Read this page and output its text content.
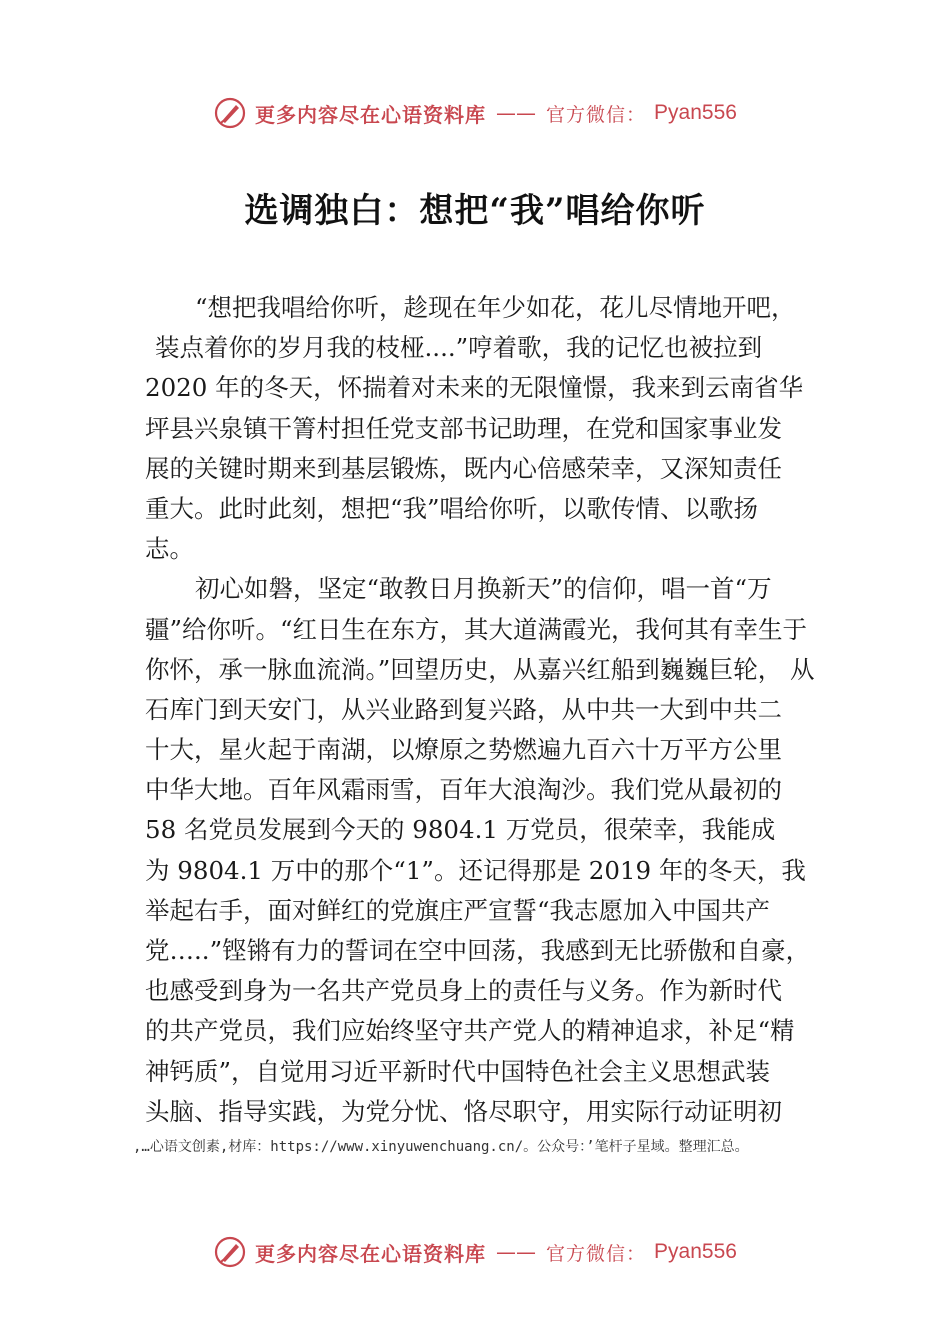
更多内容尽在心语资料库 —— 官方微信： Pyan556
选调独白：想把“我”唱给你听
“想把我唱给你听，趁现在年少如花，花儿尽情地开吧，
装点着你的岁月我的枝桠....”哼着歌，我的记忆也被拉到
2020 年的冬天，怀揣着对未来的无限憧憬，我来到云南省华
坪县兴泉镇干箐村担任党支部书记助理，在党和国家事业发
展的关键时期来到基层锻炼，既内心倍感荣幸，又深知责任
重大。此时此刻，想把“我”唱给你听，以歌传情、以歌扬
志。
初心如磐，坚定“敢教日月换新天”的信仰，唱一首“万
疆”给你听。“红日生在东方，其大道满霞光，我何其有幸生于
你怀，承一脉血流淌。”回望历史，从嘉兴红船到巍巍巨轮， 从
石库门到天安门，从兴业路到复兴路，从中共一大到中共二
十大，星火起于南湖，以燎原之势燃遍九百六十万平方公里
中华大地。百年风霜雨雪，百年大浪淘沙。我们党从最初的
58 名党员发展到今天的 9804.1 万党员，很荣幸，我能成
为 9804.1 万中的那个“1”。还记得那是 2019 年的冬天，我
举起右手，面对鲜红的党旗庄严宣誓“我志愿加入中国共产
党…..”铿锵有力的誓词在空中回荡，我感到无比骄傲和自豪，
也感受到身为一名共产党员身上的责任与义务。作为新时代
的共产党员，我们应始终坚守共产党人的精神追求，补足“精
神钙质”，自觉用习近平新时代中国特色社会主义思想武装
头脑、指导实践，为党分忧、恪尽职守，用实际行动证明初
,…心语文创素,材库：https://www.xinyuwenchuang.cn/。公众号：’笔杆子星域。整理汇总。
更多内容尽在心语资料库 —— 官方微信： Pyan556
